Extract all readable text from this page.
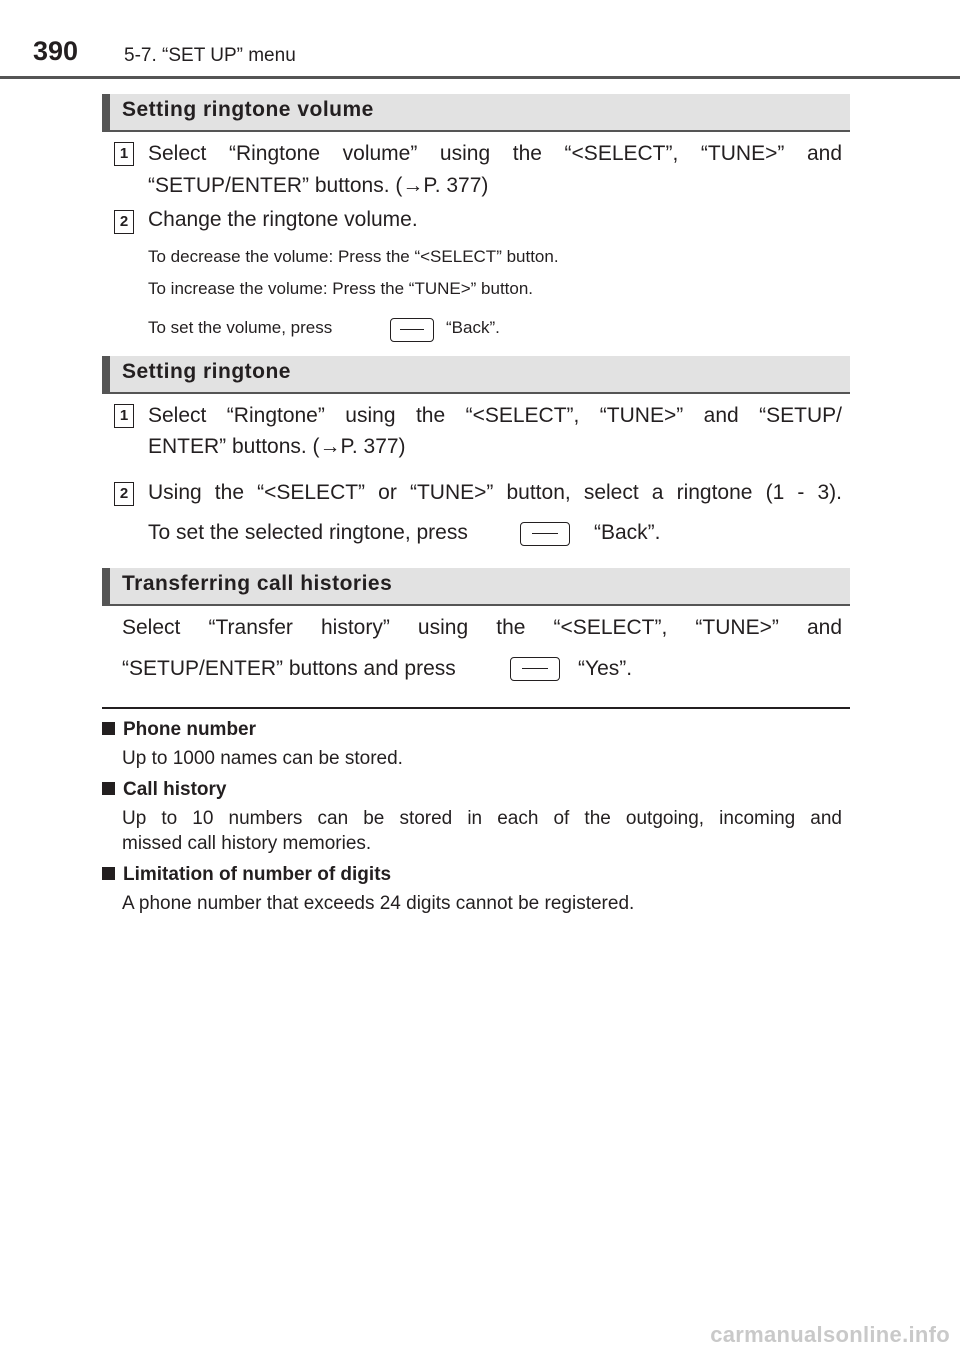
390 5-7. “SET UP” menu
Setting ringtone volume
1 Select “Ringtone volume” using the “<SELECT”, “TUNE>” and
“SETUP/ENTER” buttons. (→P. 377)
2 Change the ringtone volume.
To decrease the volume: Press the “<SELECT” button.
To increase the volume: Press the “TUNE>” button.
To set the volume, press	“Back”.
Setting ringtone
1 Select “Ringtone” using the “<SELECT”, “TUNE>” and “SETUP/
ENTER” buttons. (→P. 377)
2 Using the “<SELECT” or “TUNE>” button, select a ringtone (1 - 3).
To set the selected ringtone, press	“Back”.
Transferring call histories
Select “Transfer history” using the “<SELECT”, “TUNE>” and
“SETUP/ENTER” buttons and press	“Yes”.
Phone number
Up to 1000 names can be stored.
Call history
Up to 10 numbers can be stored in each of the outgoing, incoming and
missed call history memories.
Limitation of number of digits
A phone number that exceeds 24 digits cannot be registered.
carmanualsonline.info
